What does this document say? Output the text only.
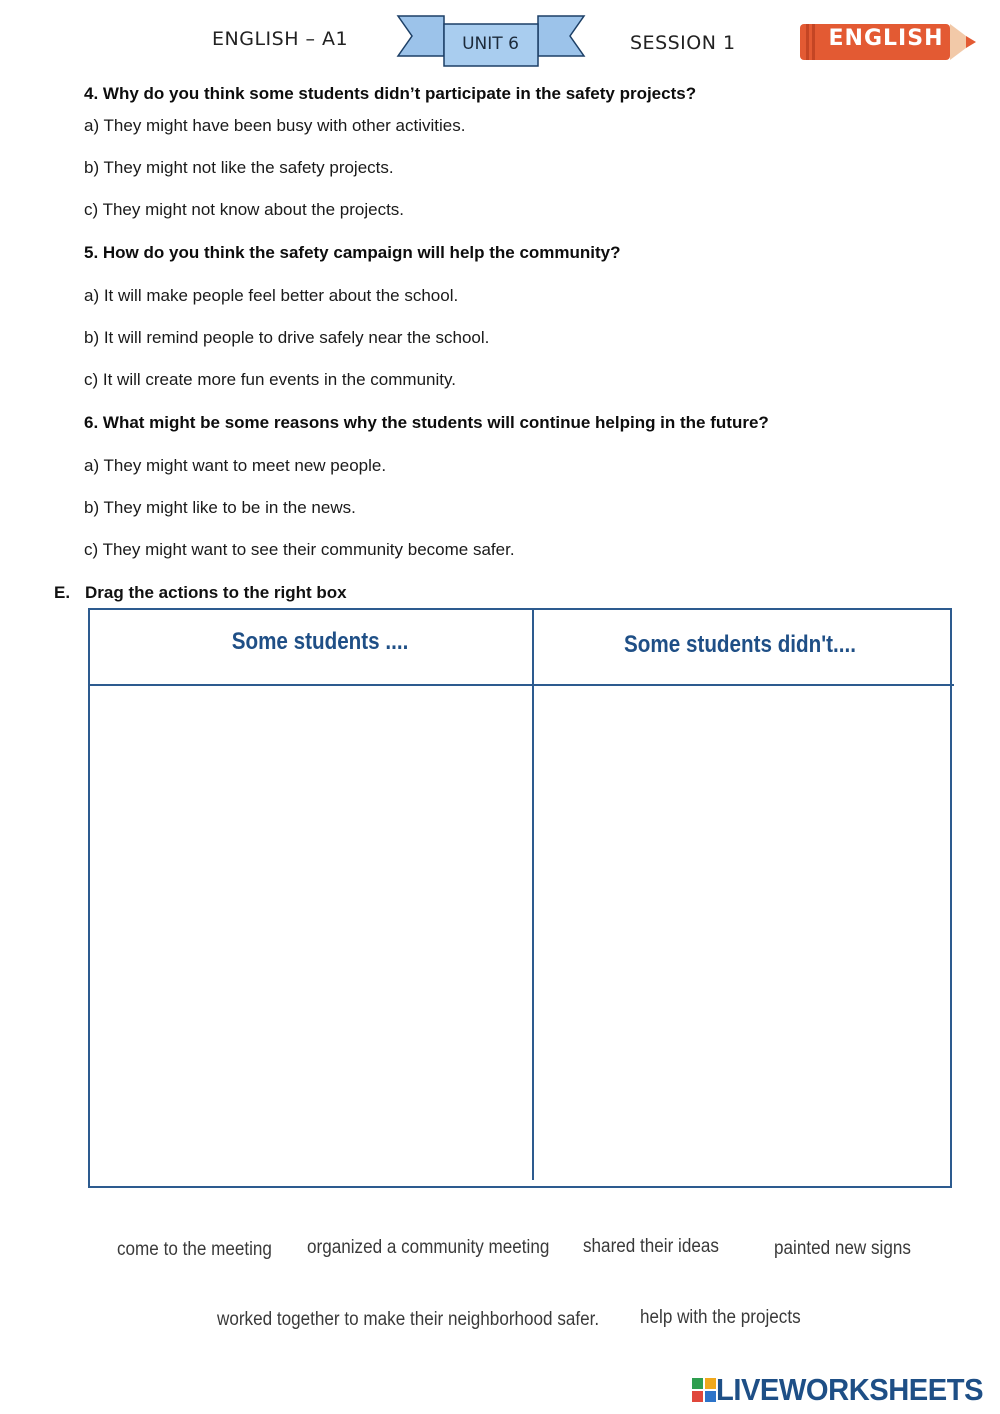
ENGLISH – A1	UNIT 6	SESSION 1	ENGLISH
4. Why do you think some students didn’t participate in the safety projects?
a) They might have been busy with other activities.
b) They might not like the safety projects.
c) They might not know about the projects.
5. How do you think the safety campaign will help the community?
a) It will make people feel better about the school.
b) It will remind people to drive safely near the school.
c) It will create more fun events in the community.
6. What might be some reasons why the students will continue helping in the future?
a) They might want to meet new people.
b) They might like to be in the news.
c) They might want to see their community become safer.
E. Drag the actions to the right box
Some students ....	Some students didn't....
come to the meeting organized a community meeting shared their ideas	painted new signs
worked together to make their neighborhood safer. help with the projects
LIVEWORKSHEETS
